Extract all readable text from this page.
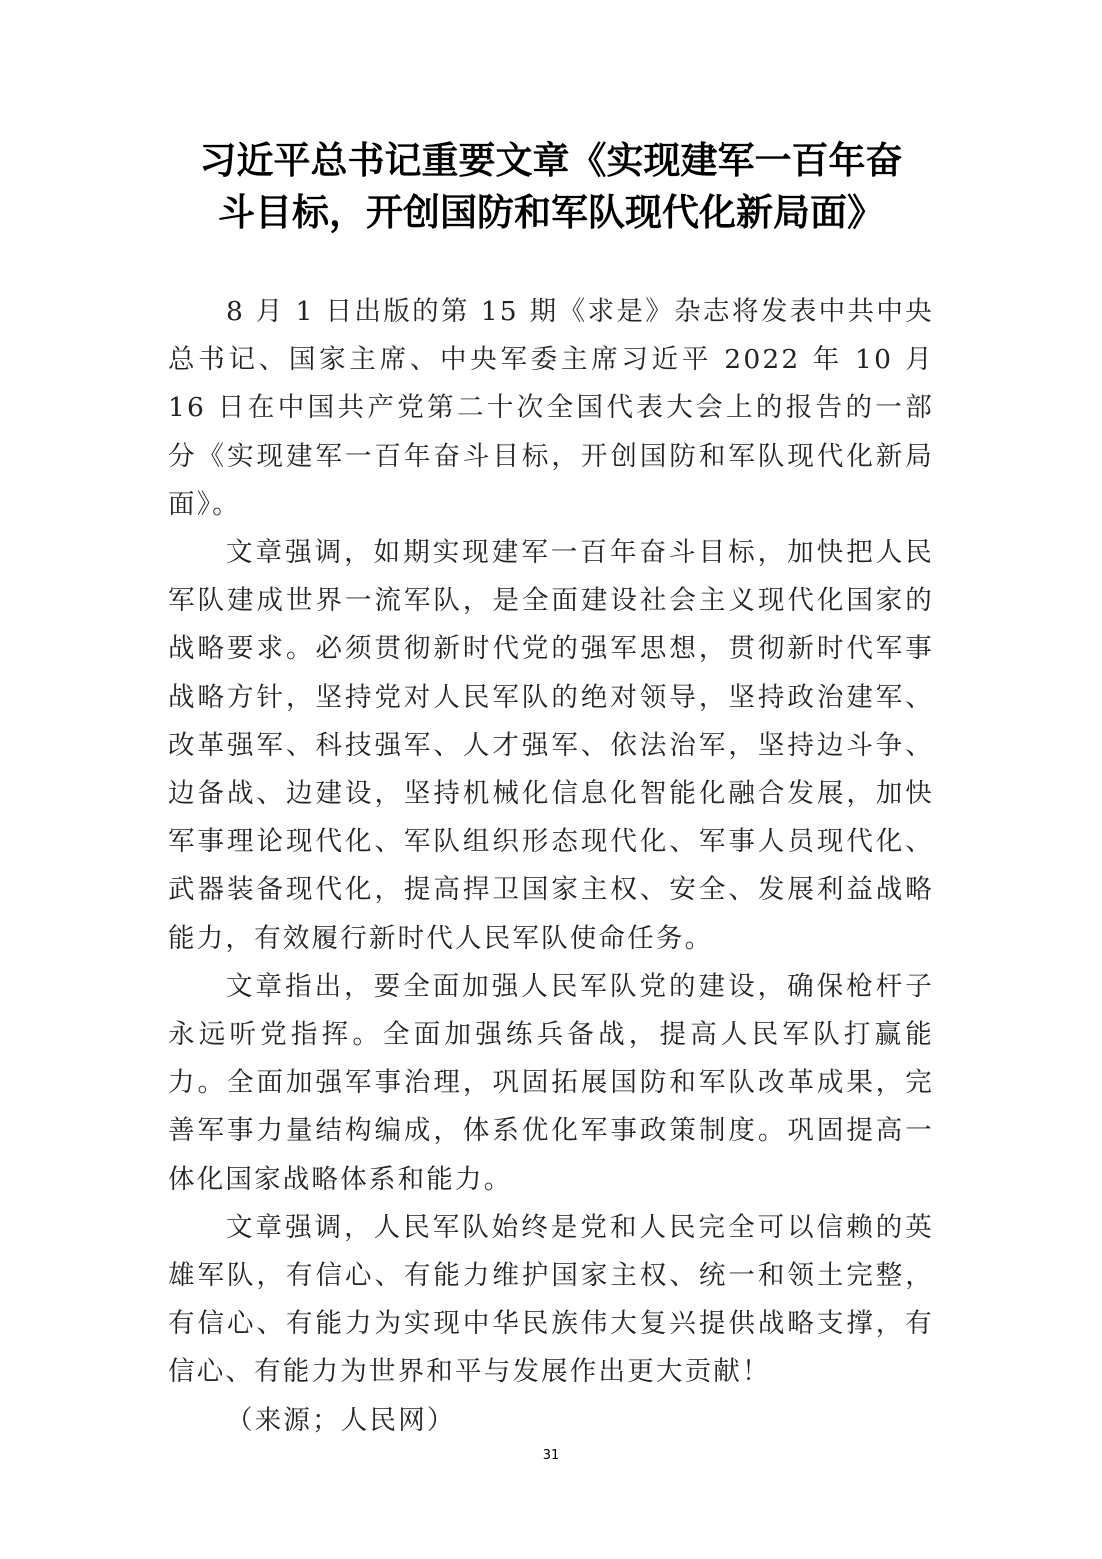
习近平总书记重要文章《实现建军一百年奋
斗目标，开创国防和军队现代化新局面》

8 月 1 日出版的第 15 期《求是》杂志将发表中共中央总书记、国家主席、中央军委主席习近平 2022 年 10 月 16 日在中国共产党第二十次全国代表大会上的报告的一部分《实现建军一百年奋斗目标，开创国防和军队现代化新局面》。

文章强调，如期实现建军一百年奋斗目标，加快把人民军队建成世界一流军队，是全面建设社会主义现代化国家的战略要求。必须贯彻新时代党的强军思想，贯彻新时代军事战略方针，坚持党对人民军队的绝对领导，坚持政治建军、改革强军、科技强军、人才强军、依法治军，坚持边斗争、边备战、边建设，坚持机械化信息化智能化融合发展，加快军事理论现代化、军队组织形态现代化、军事人员现代化、武器装备现代化，提高捍卫国家主权、安全、发展利益战略能力，有效履行新时代人民军队使命任务。

文章指出，要全面加强人民军队党的建设，确保枪杆子永远听党指挥。全面加强练兵备战，提高人民军队打赢能力。全面加强军事治理，巩固拓展国防和军队改革成果，完善军事力量结构编成，体系优化军事政策制度。巩固提高一体化国家战略体系和能力。

文章强调，人民军队始终是党和人民完全可以信赖的英雄军队，有信心、有能力维护国家主权、统一和领土完整，有信心、有能力为实现中华民族伟大复兴提供战略支撑，有信心、有能力为世界和平与发展作出更大贡献！

（来源；人民网）

31
